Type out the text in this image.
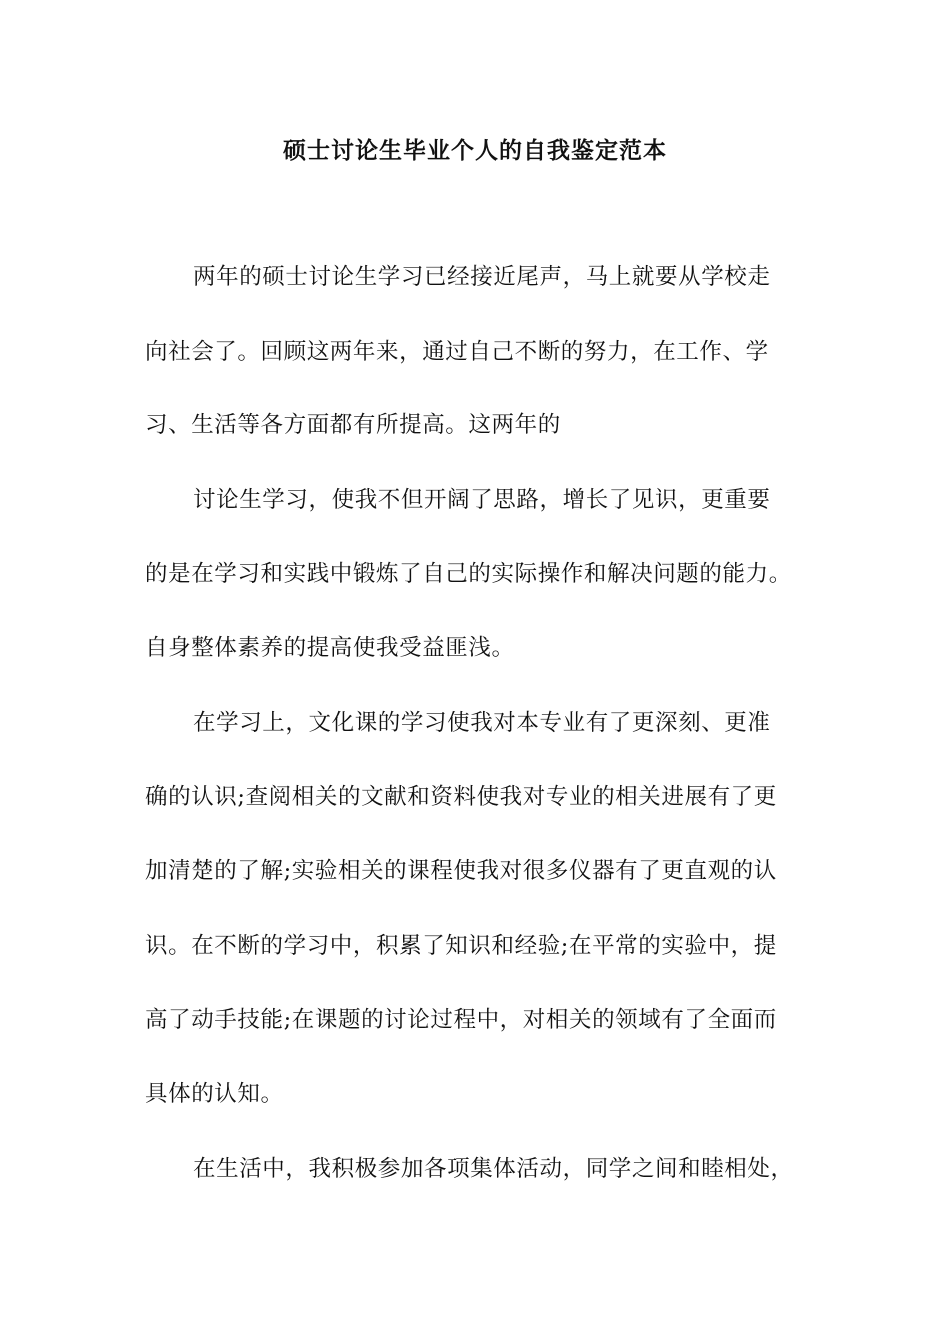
硕士讨论生毕业个人的自我鉴定范本

两年的硕士讨论生学习已经接近尾声，马上就要从学校走

向社会了。回顾这两年来，通过自己不断的努力，在工作、学

习、生活等各方面都有所提高。这两年的

讨论生学习，使我不但开阔了思路，增长了见识，更重要

的是在学习和实践中锻炼了自己的实际操作和解决问题的能力。

自身整体素养的提高使我受益匪浅。

在学习上，文化课的学习使我对本专业有了更深刻、更准

确的认识;查阅相关的文献和资料使我对专业的相关进展有了更

加清楚的了解;实验相关的课程使我对很多仪器有了更直观的认

识。在不断的学习中，积累了知识和经验;在平常的实验中，提

高了动手技能;在课题的讨论过程中，对相关的领域有了全面而

具体的认知。

在生活中，我积极参加各项集体活动，同学之间和睦相处，
